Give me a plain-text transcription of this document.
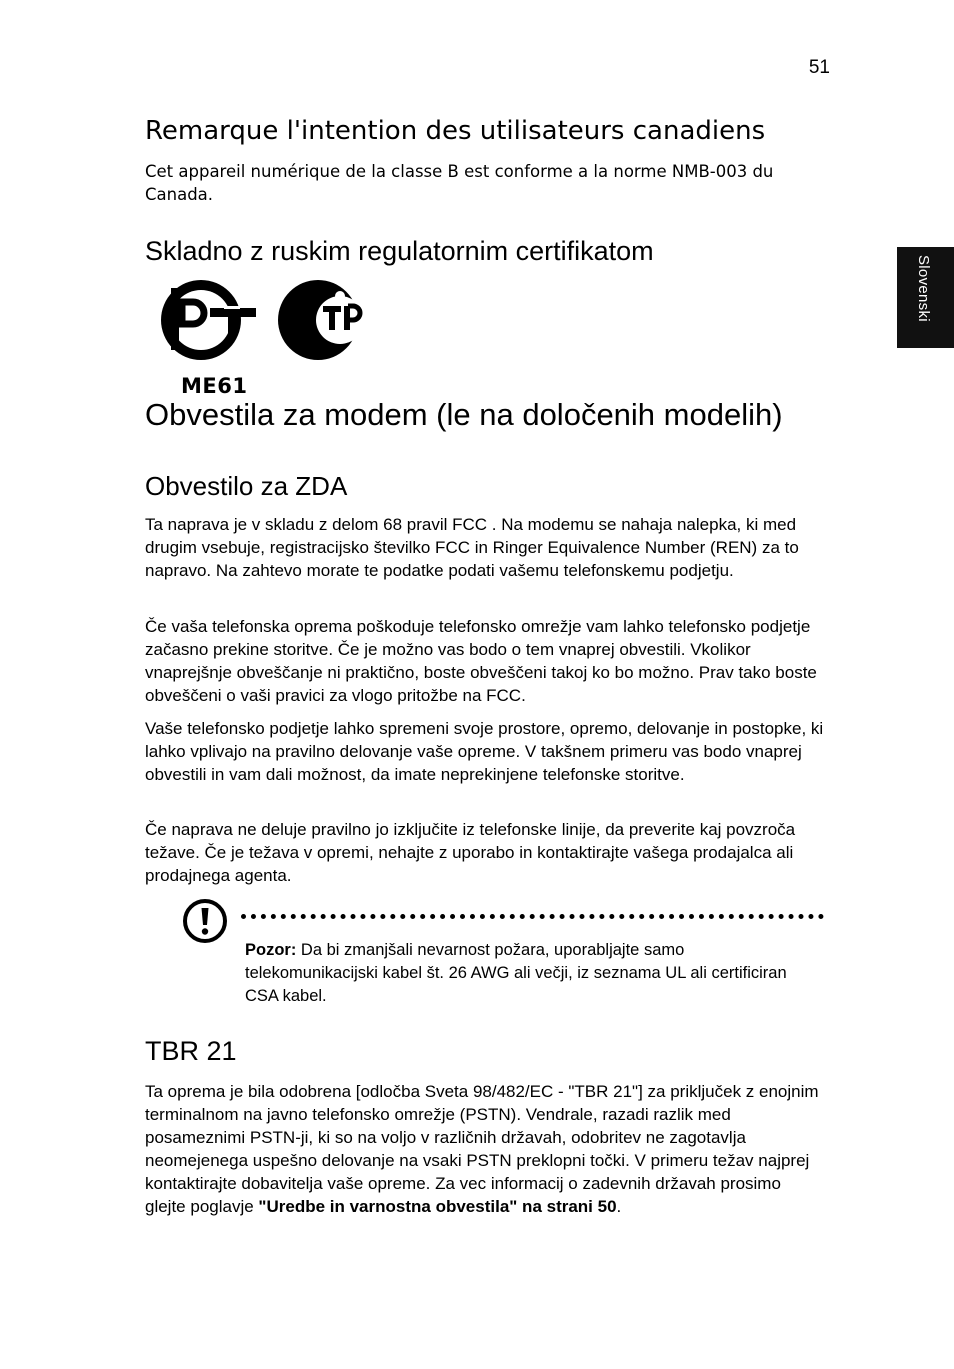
51
Slovenski
Remarque l'intention des utilisateurs canadiens

Cet appareil numérique de la classe B est conforme a la norme NMB-003 du Canada.

Skladno z ruskim regulatornim certifikatom
ME61
Obvestila za modem (le na določenih modelih)
Obvestilo za ZDA

Ta naprava je v skladu z delom 68 pravil FCC . Na modemu se nahaja nalepka, ki med drugim vsebuje, registracijsko številko FCC in Ringer Equivalence Number (REN) za to napravo. Na zahtevo morate te podatke podati vašemu telefonskemu podjetju.

Če vaša telefonska oprema poškoduje telefonsko omrežje vam lahko telefonsko podjetje začasno prekine storitve. Če je možno vas bodo o tem vnaprej obvestili. Vkolikor vnaprejšnje obveščanje ni praktično, boste obveščeni takoj ko bo možno. Prav tako boste obveščeni o vaši pravici za vlogo pritožbe na FCC.

Vaše telefonsko podjetje lahko spremeni svoje prostore, opremo, delovanje in postopke, ki lahko vplivajo na pravilno delovanje vaše opreme. V takšnem primeru vas bodo vnaprej obvestili in vam dali možnost, da imate neprekinjene telefonske storitve.

Če naprava ne deluje pravilno jo izključite iz telefonske linije, da preverite kaj povzroča težave. Če je težava v opremi, nehajte z uporabo in kontaktirajte vašega prodajalca ali prodajnega agenta.

Pozor: Da bi zmanjšali nevarnost požara, uporabljajte samo telekomunikacijski kabel št. 26 AWG ali večji, iz seznama UL ali certificiran CSA kabel.

TBR 21

Ta oprema je bila odobrena [odločba Sveta 98/482/EC - "TBR 21"] za priključek z enojnim terminalnom na javno telefonsko omrežje (PSTN). Vendrale, razadi razlik med posameznimi PSTN-ji, ki so na voljo v različnih državah, odobritev ne zagotavlja neomejenega uspešno delovanje na vsaki PSTN preklopni točki. V primeru težav najprej kontaktirajte dobavitelja vaše opreme. Za vec informacij o zadevnih državah prosimo glejte poglavje "Uredbe in varnostna obvestila" na strani 50.
